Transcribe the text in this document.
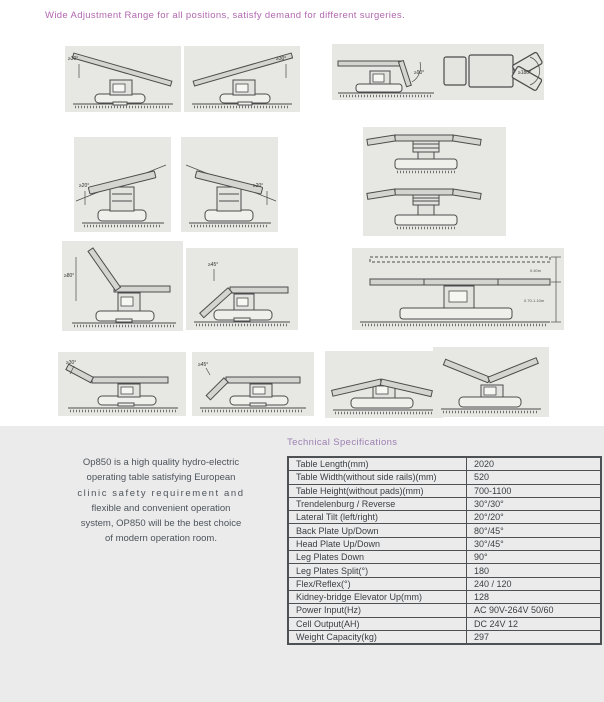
Wide Adjustment Range for all positions, satisfy demand for different surgeries.
≥30°	≥30°
≥90°	≥180°
≥20°	≥20°
≥80°
≥45°
0.40m
0.70-1.10m
≥30°	≥45°
Op850 is a high quality hydro-electric
operating table satisfying European
clinic safety requirement and
flexible and convenient operation
system, OP850 will be the best choice
of modern operation room.
Technical Specifications
Table Length(mm)	2020
Table Width(without side rails)(mm)	520
Table Height(without pads)(mm)	700-1100
Trendelenburg / Reverse	30°/30°
Lateral Tilt (left/right)	20°/20°
Back Plate Up/Down	80°/45°
Head Plate Up/Down	30°/45°
Leg Plates Down	90°
Leg Plates Split(°)	180
Flex/Reflex(°)	240 / 120
Kidney-bridge Elevator Up(mm)	128
Power Input(Hz)	AC 90V-264V 50/60
Cell Output(AH)	DC 24V 12
Weight Capacity(kg)	297
